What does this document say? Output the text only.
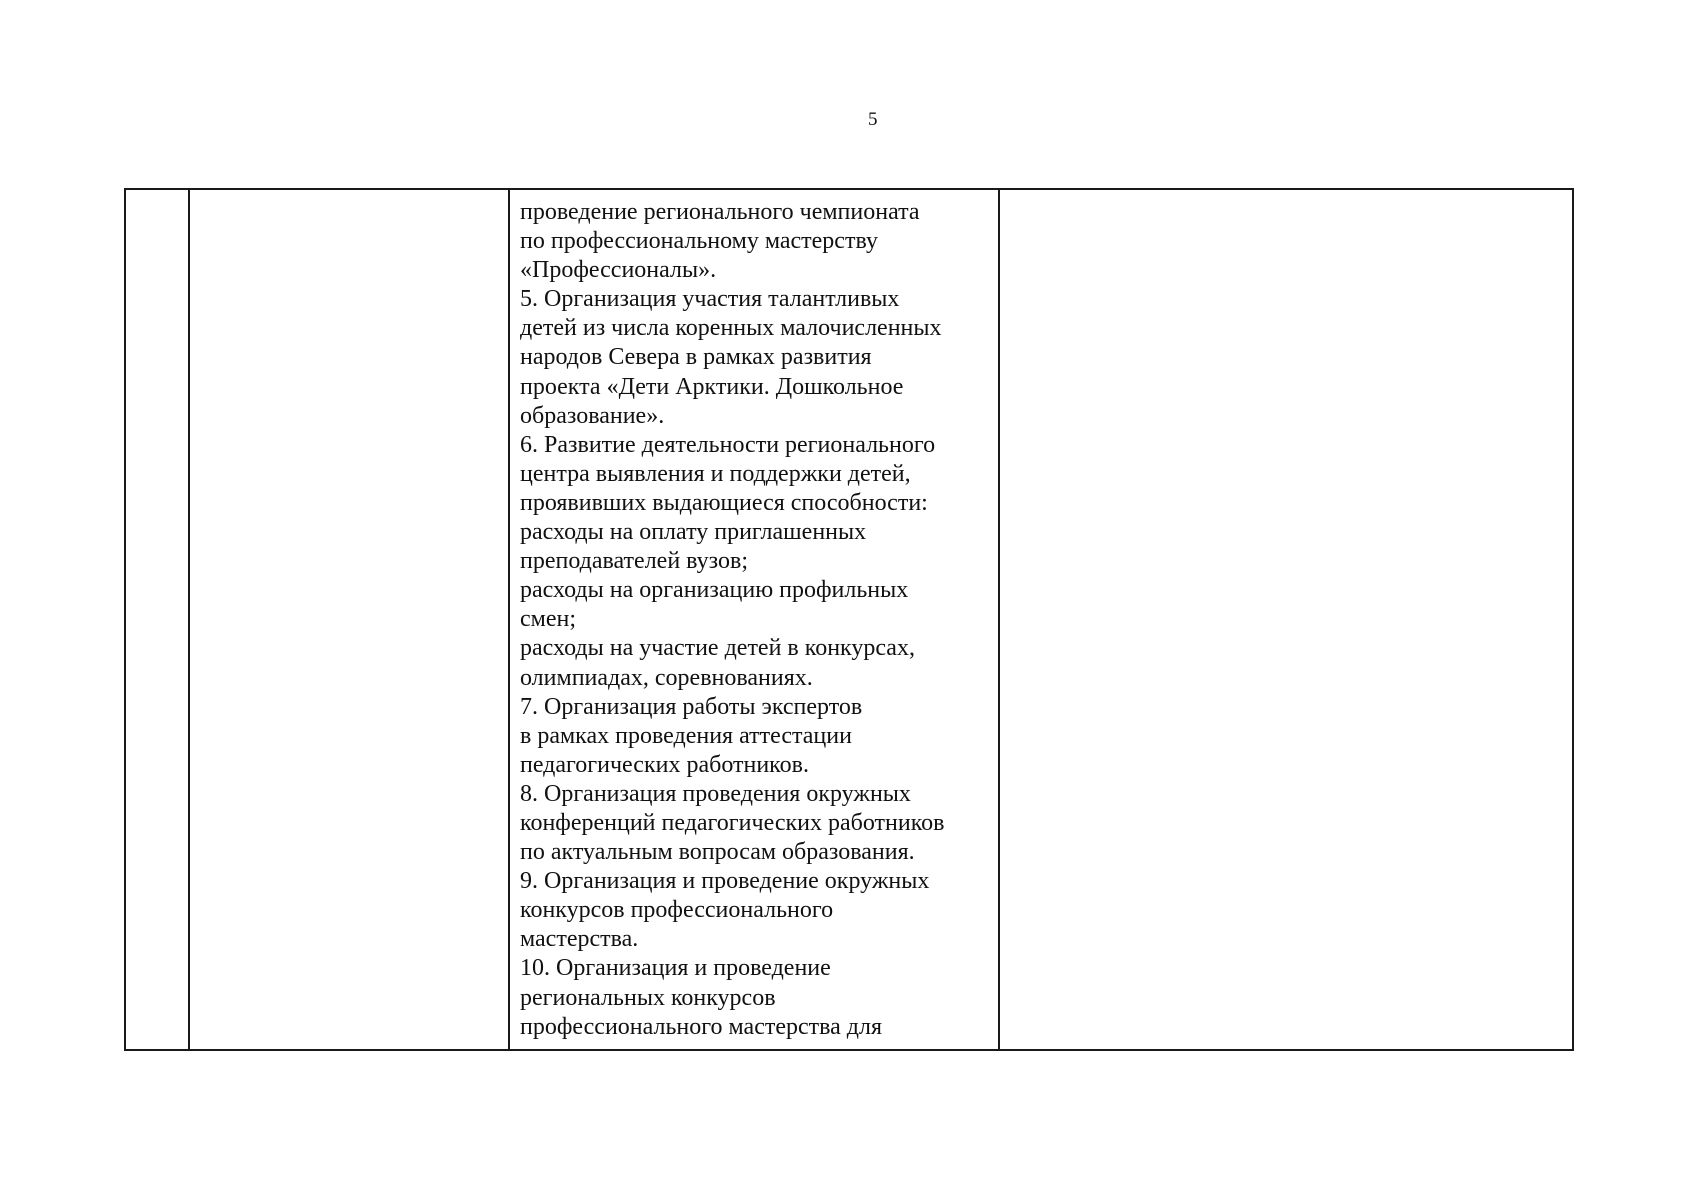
5

проведение регионального чемпионата
по профессиональному мастерству
«Профессионалы».
5. Организация участия талантливых
детей из числа коренных малочисленных
народов Севера в рамках развития
проекта «Дети Арктики. Дошкольное
образование».
6. Развитие деятельности регионального
центра выявления и поддержки детей,
проявивших выдающиеся способности:
расходы на оплату приглашенных
преподавателей вузов;
расходы на организацию профильных
смен;
расходы на участие детей в конкурсах,
олимпиадах, соревнованиях.
7. Организация работы экспертов
в рамках проведения аттестации
педагогических работников.
8. Организация проведения окружных
конференций педагогических работников
по актуальным вопросам образования.
9. Организация и проведение окружных
конкурсов профессионального
мастерства.
10. Организация и проведение
региональных конкурсов
профессионального мастерства для
